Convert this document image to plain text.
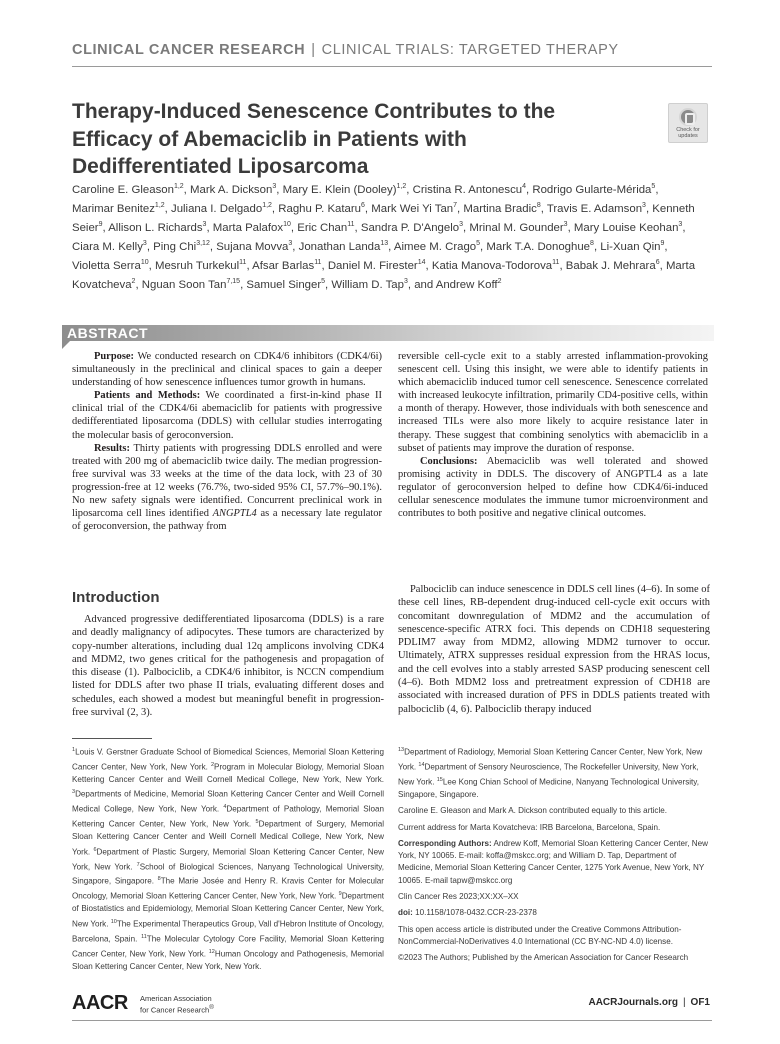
CLINICAL CANCER RESEARCH | CLINICAL TRIALS: TARGETED THERAPY
Therapy-Induced Senescence Contributes to the Efficacy of Abemaciclib in Patients with Dedifferentiated Liposarcoma
Check for
updates
Caroline E. Gleason$^{1,2}$, Mark A. Dickson$^3$, Mary E. Klein (Dooley)$^{1,2}$, Cristina R. Antonescu$^4$, Rodrigo Gularte-Mérida$^5$, Marimar Benitez$^{1,2}$, Juliana I. Delgado$^{1,2}$, Raghu P. Kataru$^6$, Mark Wei Yi Tan$^7$, Martina Bradic$^8$, Travis E. Adamson$^3$, Kenneth Seier$^9$, Allison L. Richards$^3$, Marta Palafox$^{10}$, Eric Chan$^{11}$, Sandra P. D'Angelo$^3$, Mrinal M. Gounder$^3$, Mary Louise Keohan$^3$, Ciara M. Kelly$^3$, Ping Chi$^{3,12}$, Sujana Movva$^3$, Jonathan Landa$^{13}$, Aimee M. Crago$^5$, Mark T.A. Donoghue$^8$, Li-Xuan Qin$^9$, Violetta Serra$^{10}$, Mesruh Turkekul$^{11}$, Afsar Barlas$^{11}$, Daniel M. Firester$^{14}$, Katia Manova-Todorova$^{11}$, Babak J. Mehrara$^6$, Marta Kovatcheva$^2$, Nguan Soon Tan$^{7,15}$, Samuel Singer$^5$, William D. Tap$^3$, and Andrew Koff$^2$
ABSTRACT

Purpose: We conducted research on CDK4/6 inhibitors (CDK4/6i) simultaneously in the preclinical and clinical spaces to gain a deeper understanding of how senescence influences tumor growth in humans.

Patients and Methods: We coordinated a first-in-kind phase II clinical trial of the CDK4/6i abemaciclib for patients with progressive dedifferentiated liposarcoma (DDLS) with cellular studies interrogating the molecular basis of geroconversion.

Results: Thirty patients with progressing DDLS enrolled and were treated with 200 mg of abemaciclib twice daily. The median progression-free survival was 33 weeks at the time of the data lock, with 23 of 30 progression-free at 12 weeks (76.7%, two-sided 95% CI, 57.7%–90.1%). No new safety signals were identified. Concurrent preclinical work in liposarcoma cell lines identified ANGPTL4 as a necessary late regulator of geroconversion, the pathway from

reversible cell-cycle exit to a stably arrested inflammation-provoking senescent cell. Using this insight, we were able to identify patients in which abemaciclib induced tumor cell senescence. Senescence correlated with increased leukocyte infiltration, primarily CD4-positive cells, within a month of therapy. However, those individuals with both senescence and increased TILs were also more likely to acquire resistance later in therapy. These suggest that combining senolytics with abemaciclib in a subset of patients may improve the duration of response.

Conclusions: Abemaciclib was well tolerated and showed promising activity in DDLS. The discovery of ANGPTL4 as a late regulator of geroconversion helped to define how CDK4/6i-induced cellular senescence modulates the immune tumor microenvironment and contributes to both positive and negative clinical outcomes.

Introduction

Advanced progressive dedifferentiated liposarcoma (DDLS) is a rare and deadly malignancy of adipocytes. These tumors are characterized by copy-number alterations, including dual 12q amplicons involving CDK4 and MDM2, two genes critical for the pathogenesis and propagation of this disease (1). Palbociclib, a CDK4/6 inhibitor, is NCCN compendium listed for DDLS after two phase II trials, evaluating different doses and schedules, each showed a modest but meaningful benefit in progression-free survival (2, 3).

Palbociclib can induce senescence in DDLS cell lines (4–6). In some of these cell lines, RB-dependent drug-induced cell-cycle exit occurs with concomitant downregulation of MDM2 and the accumulation of senescence-specific ATRX foci. This depends on CDH18 sequestering PDLIM7 away from MDM2, allowing MDM2 turnover to occur. Ultimately, ATRX suppresses residual expression from the HRAS locus, and the cell evolves into a stably arrested SASP producing senescent cell (4–6). Both MDM2 loss and pretreatment expression of CDH18 are associated with increased duration of PFS in DDLS patients treated with palbociclib (4, 6). Palbociclib therapy induced

$^1$Louis V. Gerstner Graduate School of Biomedical Sciences, Memorial Sloan Kettering Cancer Center, New York, New York. $^2$Program in Molecular Biology, Memorial Sloan Kettering Cancer Center and Weill Cornell Medical College, New York, New York. $^3$Departments of Medicine, Memorial Sloan Kettering Cancer Center and Weill Cornell Medical College, New York, New York. $^4$Department of Pathology, Memorial Sloan Kettering Cancer Center, New York, New York. $^5$Department of Surgery, Memorial Sloan Kettering Cancer Center and Weill Cornell Medical College, New York, New York. $^6$Department of Plastic Surgery, Memorial Sloan Kettering Cancer Center, New York, New York. $^7$School of Biological Sciences, Nanyang Technological University, Singapore, Singapore. $^8$The Marie Josée and Henry R. Kravis Center for Molecular Oncology, Memorial Sloan Kettering Cancer Center, New York, New York. $^9$Department of Biostatistics and Epidemiology, Memorial Sloan Kettering Cancer Center, New York, New York. $^{10}$The Experimental Therapeutics Group, Vall d'Hebron Institute of Oncology, Barcelona, Spain. $^{11}$The Molecular Cytology Core Facility, Memorial Sloan Kettering Cancer Center, New York, New York. $^{12}$Human Oncology and Pathogenesis, Memorial Sloan Kettering Cancer Center, New York, New York.

$^{13}$Department of Radiology, Memorial Sloan Kettering Cancer Center, New York, New York. $^{14}$Department of Sensory Neuroscience, The Rockefeller University, New York, New York. $^{15}$Lee Kong Chian School of Medicine, Nanyang Technological University, Singapore, Singapore.

Caroline E. Gleason and Mark A. Dickson contributed equally to this article.

Current address for Marta Kovatcheva: IRB Barcelona, Barcelona, Spain.

Corresponding Authors: Andrew Koff, Memorial Sloan Kettering Cancer Center, New York, NY 10065. E-mail: koffa@mskcc.org; and William D. Tap, Department of Medicine, Memorial Sloan Kettering Cancer Center, 1275 York Avenue, New York, NY 10065. E-mail tapw@mskcc.org

Clin Cancer Res 2023;XX:XX–XX

doi: 10.1158/1078-0432.CCR-23-2378

This open access article is distributed under the Creative Commons Attribution-NonCommercial-NoDerivatives 4.0 International (CC BY-NC-ND 4.0) license.

©2023 The Authors; Published by the American Association for Cancer Research

AACR American Association
for Cancer Research®	AACRJournals.org | OF1
